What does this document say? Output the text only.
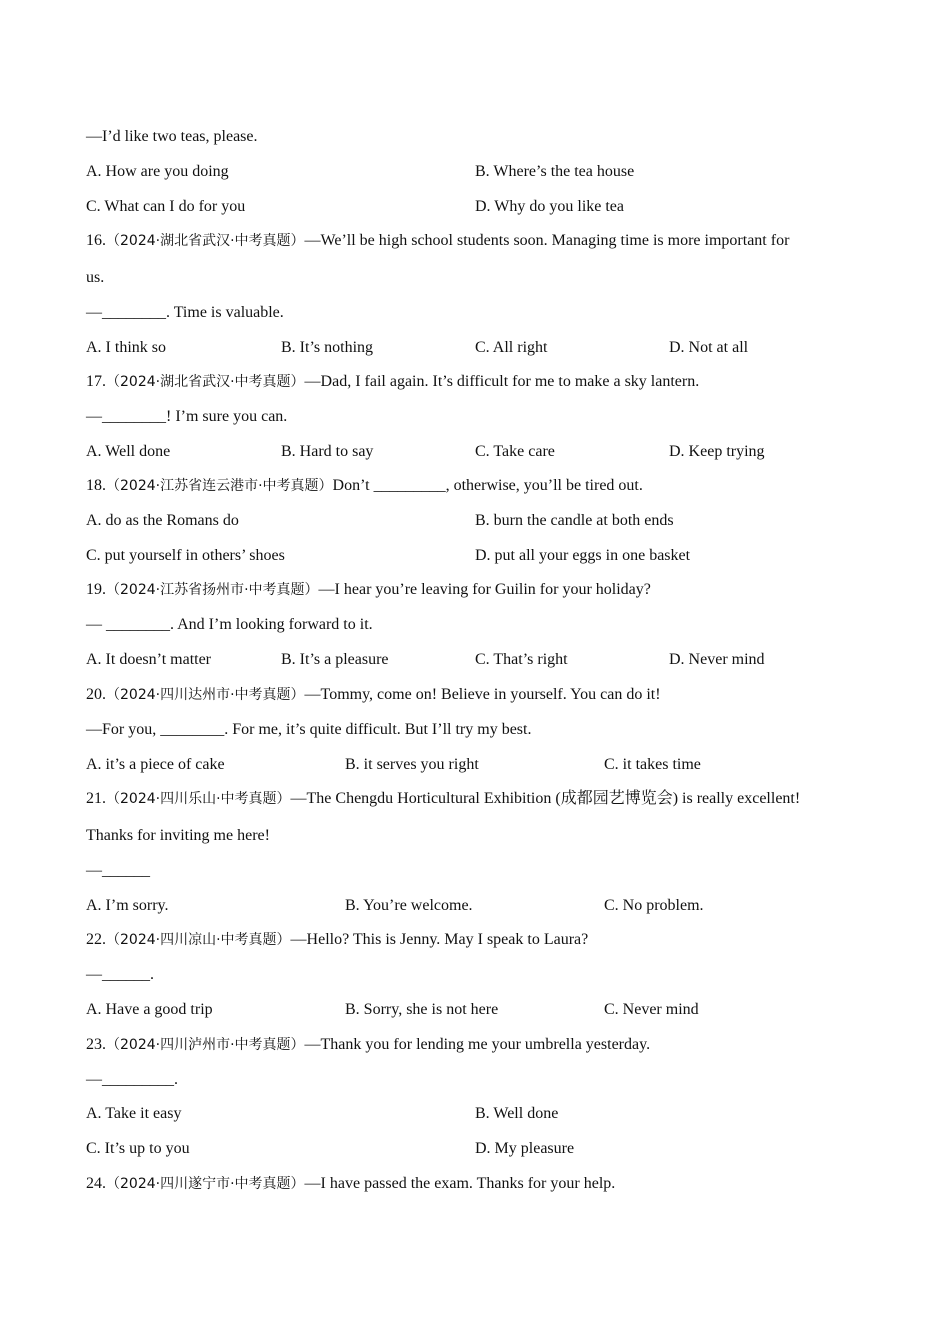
—I’d like two teas, please.
A. How are you doing	B. Where’s the tea house
C. What can I do for you	D. Why do you like tea
16.（2024·湖北省武汉·中考真题）—We’ll be high school students soon. Managing time is more important for
us.
—________. Time is valuable.
A. I think so	B. It’s nothing	C. All right	D. Not at all
17.（2024·湖北省武汉·中考真题）—Dad, I fail again. It’s difficult for me to make a sky lantern.
—________! I’m sure you can.
A. Well done	B. Hard to say	C. Take care	D. Keep trying
18.（2024·江苏省连云港市·中考真题）Don’t _________, otherwise, you’ll be tired out.
A. do as the Romans do	B. burn the candle at both ends
C. put yourself in others’ shoes	D. put all your eggs in one basket
19.（2024·江苏省扬州市·中考真题）—I hear you’re leaving for Guilin for your holiday?
— ________. And I’m looking forward to it.
A. It doesn’t matter	B. It’s a pleasure	C. That’s right	D. Never mind
20.（2024·四川达州市·中考真题）—Tommy, come on! Believe in yourself. You can do it!
—For you, ________. For me, it’s quite difficult. But I’ll try my best.
A. it’s a piece of cake	B. it serves you right	C. it takes time
21.（2024·四川乐山·中考真题）—The Chengdu Horticultural Exhibition (成都园艺博览会) is really excellent!
Thanks for inviting me here!
—______
A. I’m sorry.	B. You’re welcome.	C. No problem.
22.（2024·四川凉山·中考真题）—Hello? This is Jenny. May I speak to Laura?
—______.
A. Have a good trip	B. Sorry, she is not here	C. Never mind
23.（2024·四川泸州市·中考真题）—Thank you for lending me your umbrella yesterday.
—_________.
A. Take it easy	B. Well done
C. It’s up to you	D. My pleasure
24.（2024·四川遂宁市·中考真题）—I have passed the exam. Thanks for your help.
